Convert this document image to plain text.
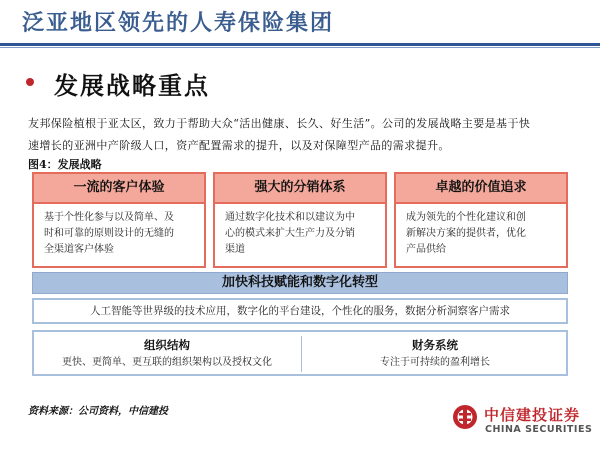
泛亚地区领先的人寿保险集团
发展战略重点
友邦保险植根于亚太区，致力于帮助大众“活出健康、长久、好生活”。公司的发展战略主要是基于快
速增长的亚洲中产阶级人口，资产配置需求的提升，以及对保障型产品的需求提升。
图4：发展战略
一流的客户体验
基于个性化参与以及简单、及
时和可靠的原则设计的无缝的
全渠道客户体验
强大的分销体系
通过数字化技术和以建议为中
心的模式来扩大生产力及分销
渠道
卓越的价值追求
成为领先的个性化建议和创
新解决方案的提供者，优化
产品供给
加快科技赋能和数字化转型
人工智能等世界级的技术应用，数字化的平台建设，个性化的服务，数据分析洞察客户需求
组织结构
更快、更简单、更互联的组织架构以及授权文化
财务系统
专注于可持续的盈利增长
资料来源：公司资料，中信建投	中信建投证券
CHINA SECURITIES
